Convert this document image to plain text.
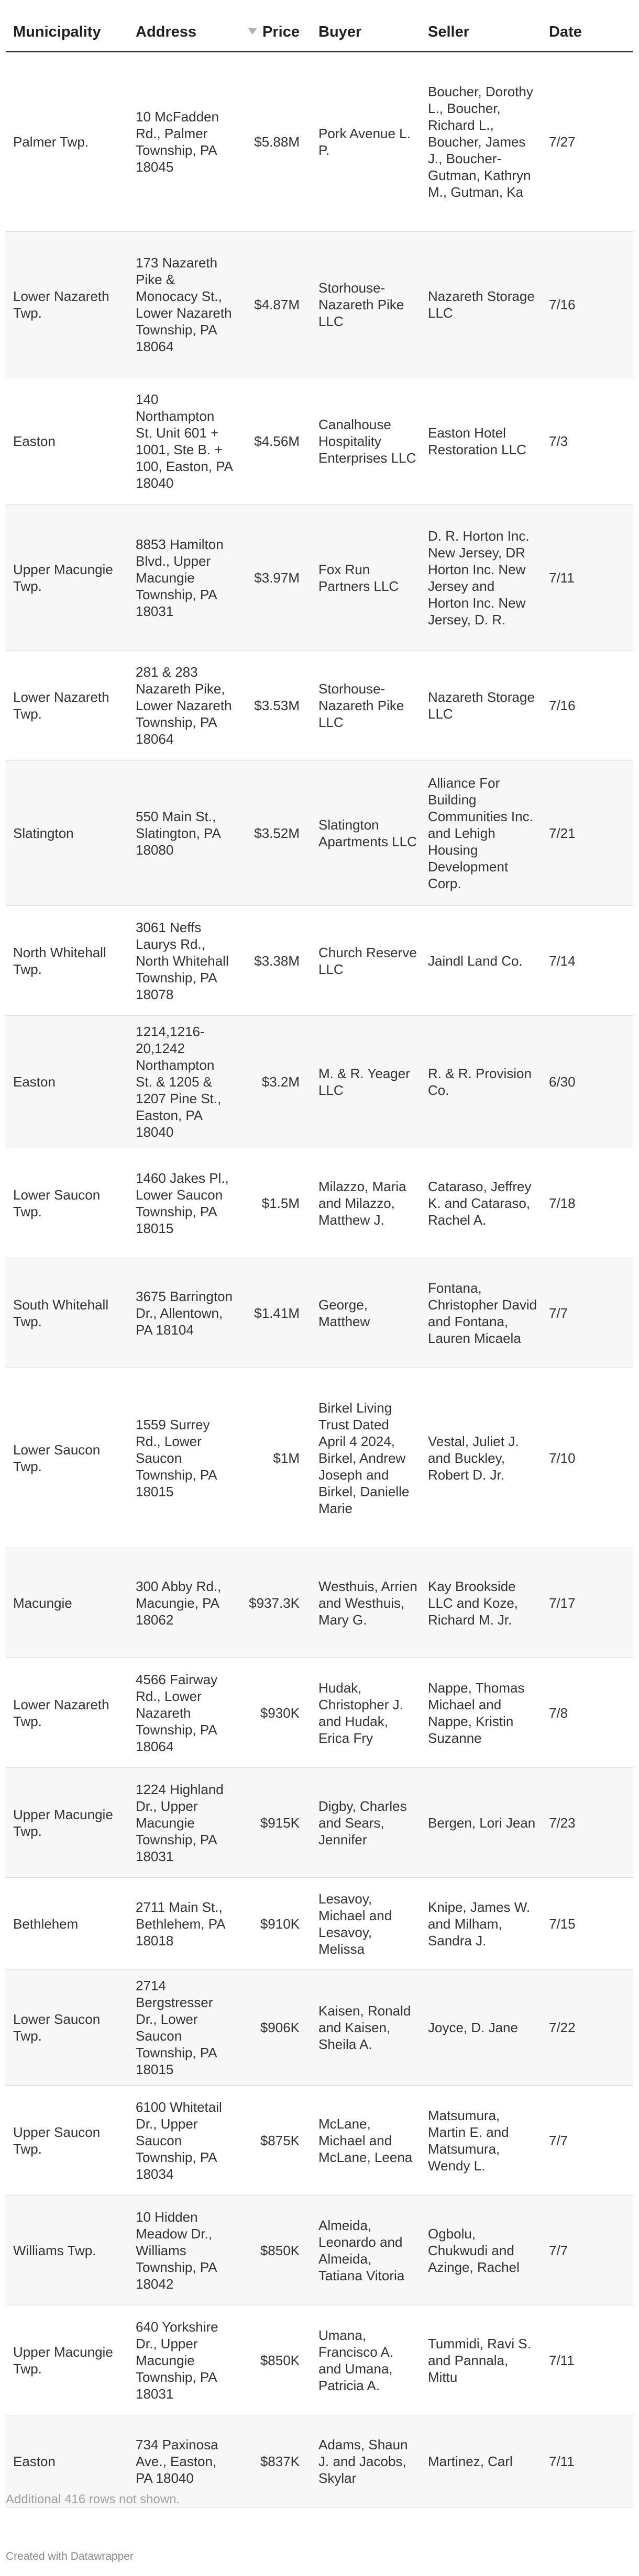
Municipality	Address	Price	Buyer	Seller	Date
Palmer Twp.	10 McFadden Rd., Palmer Township, PA 18045	$5.88M	Pork Avenue L. P.	Boucher, Dorothy L., Boucher, Richard L., Boucher, James J., Boucher-Gutman, Kathryn M., Gutman, Ka	7/27
Lower Nazareth Twp.	173 Nazareth Pike & Monocacy St., Lower Nazareth Township, PA 18064	$4.87M	Storhouse-Nazareth Pike LLC	Nazareth Storage LLC	7/16
Easton	140 Northampton St. Unit 601 + 1001, Ste B. + 100, Easton, PA 18040	$4.56M	Canalhouse Hospitality Enterprises LLC	Easton Hotel Restoration LLC	7/3
Upper Macungie Twp.	8853 Hamilton Blvd., Upper Macungie Township, PA 18031	$3.97M	Fox Run Partners LLC	D. R. Horton Inc. New Jersey, DR Horton Inc. New Jersey and Horton Inc. New Jersey, D. R.	7/11
Lower Nazareth Twp.	281 & 283 Nazareth Pike, Lower Nazareth Township, PA 18064	$3.53M	Storhouse-Nazareth Pike LLC	Nazareth Storage LLC	7/16
Slatington	550 Main St., Slatington, PA 18080	$3.52M	Slatington Apartments LLC	Alliance For Building Communities Inc. and Lehigh Housing Development Corp.	7/21
North Whitehall Twp.	3061 Neffs Laurys Rd., North Whitehall Township, PA 18078	$3.38M	Church Reserve LLC	Jaindl Land Co.	7/14
Easton	1214,1216-20,1242 Northampton St. & 1205 & 1207 Pine St., Easton, PA 18040	$3.2M	M. & R. Yeager LLC	R. & R. Provision Co.	6/30
Lower Saucon Twp.	1460 Jakes Pl., Lower Saucon Township, PA 18015	$1.5M	Milazzo, Maria and Milazzo, Matthew J.	Cataraso, Jeffrey K. and Cataraso, Rachel A.	7/18
South Whitehall Twp.	3675 Barrington Dr., Allentown, PA 18104	$1.41M	George, Matthew	Fontana, Christopher David and Fontana, Lauren Micaela	7/7
Lower Saucon Twp.	1559 Surrey Rd., Lower Saucon Township, PA 18015	$1M	Birkel Living Trust Dated April 4 2024, Birkel, Andrew Joseph and Birkel, Danielle Marie	Vestal, Juliet J. and Buckley, Robert D. Jr.	7/10
Macungie	300 Abby Rd., Macungie, PA 18062	$937.3K	Westhuis, Arrien and Westhuis, Mary G.	Kay Brookside LLC and Koze, Richard M. Jr.	7/17
Lower Nazareth Twp.	4566 Fairway Rd., Lower Nazareth Township, PA 18064	$930K	Hudak, Christopher J. and Hudak, Erica Fry	Nappe, Thomas Michael and Nappe, Kristin Suzanne	7/8
Upper Macungie Twp.	1224 Highland Dr., Upper Macungie Township, PA 18031	$915K	Digby, Charles and Sears, Jennifer	Bergen, Lori Jean	7/23
Bethlehem	2711 Main St., Bethlehem, PA 18018	$910K	Lesavoy, Michael and Lesavoy, Melissa	Knipe, James W. and Milham, Sandra J.	7/15
Lower Saucon Twp.	2714 Bergstresser Dr., Lower Saucon Township, PA 18015	$906K	Kaisen, Ronald and Kaisen, Sheila A.	Joyce, D. Jane	7/22
Upper Saucon Twp.	6100 Whitetail Dr., Upper Saucon Township, PA 18034	$875K	McLane, Michael and McLane, Leena	Matsumura, Martin E. and Matsumura, Wendy L.	7/7
Williams Twp.	10 Hidden Meadow Dr., Williams Township, PA 18042	$850K	Almeida, Leonardo and Almeida, Tatiana Vitoria	Ogbolu, Chukwudi and Azinge, Rachel	7/7
Upper Macungie Twp.	640 Yorkshire Dr., Upper Macungie Township, PA 18031	$850K	Umana, Francisco A. and Umana, Patricia A.	Tummidi, Ravi S. and Pannala, Mittu	7/11
Easton	734 Paxinosa Ave., Easton, PA 18040	$837K	Adams, Shaun J. and Jacobs, Skylar	Martinez, Carl	7/11
Additional 416 rows not shown.
Created with Datawrapper
